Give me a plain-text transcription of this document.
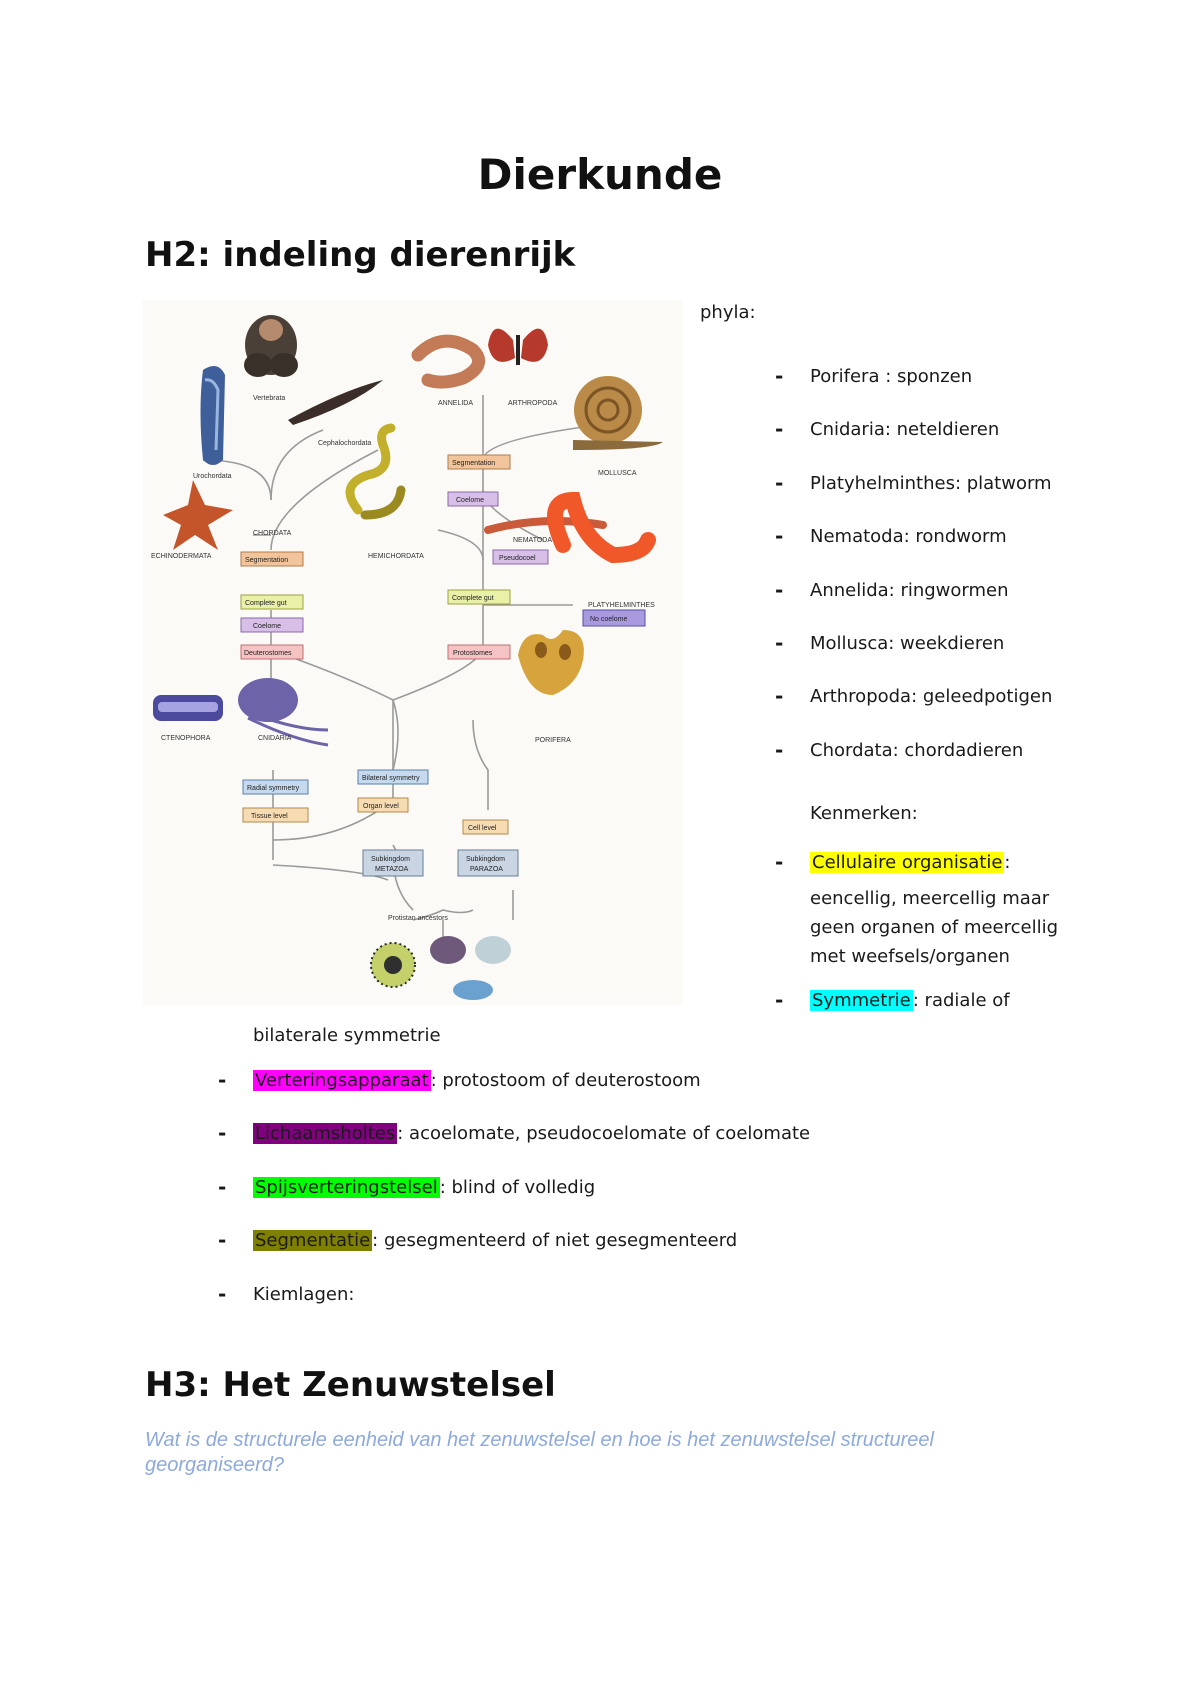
Dierkunde
H2: indeling dierenrijk
Vertebrata
Cephalochordata
Urochordata
CHORDATA
ECHINODERMATA	HEMICHORDATA
ANNELIDA	ARTHROPODA
MOLLUSCA
NEMATODA
PLATYHELMINTHES
CTENOPHORA	CNIDARIA	PORIFERA
Protistan ancestors
Segmentation
Complete gut
Coelome
Deuterostomes
Segmentation
Coelome
Pseudocoel
Complete gut
No coelome
Protostomes
Bilateral symmetry
Organ level
Radial symmetry
Tissue level
Cell level
Subkingdom
METAZOA
Subkingdom
PARAZOA
phyla:
- Porifera : sponzen
- Cnidaria: neteldieren
- Platyhelminthes: platworm
- Nematoda: rondworm
- Annelida: ringwormen
- Mollusca: weekdieren
- Arthropoda: geleedpotigen
- Chordata: chordadieren
Kenmerken:
- Cellulaire organisatie :
eencellig, meercellig maar geen organen of meercellig met weefsels/organen
- Symmetrie : radiale of
bilaterale symmetrie
- Verteringsapparaat : protostoom of deuterostoom
- Lichaamsholtes : acoelomate, pseudocoelomate of coelomate
- Spijsverteringstelsel : blind of volledig
- Segmentatie : gesegmenteerd of niet gesegmenteerd
- Kiemlagen:
H3: Het Zenuwstelsel

Wat is de structurele eenheid van het zenuwstelsel en hoe is het zenuwstelsel structureel georganiseerd?
